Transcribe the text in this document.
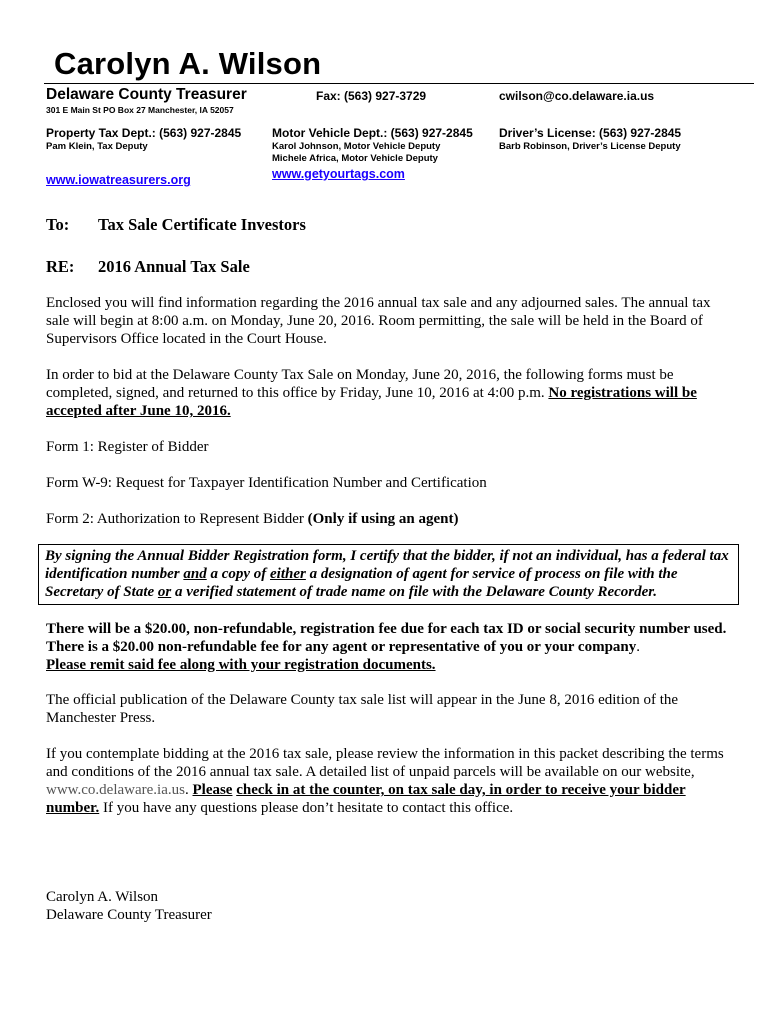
Carolyn A. Wilson
Delaware County Treasurer	Fax: (563) 927-3729	cwilson@co.delaware.ia.us
301 E Main St PO Box 27 Manchester, IA 52057
Property Tax Dept.: (563) 927-2845
Pam Klein, Tax Deputy
www.iowatreasurers.org
Motor Vehicle Dept.: (563) 927-2845
Karol Johnson, Motor Vehicle Deputy
Michele Africa, Motor Vehicle Deputy
www.getyourtags.com
Driver’s License: (563) 927-2845
Barb Robinson, Driver’s License Deputy
To: Tax Sale Certificate Investors
RE: 2016 Annual Tax Sale
Enclosed you will find information regarding the 2016 annual tax sale and any adjourned sales. The annual tax sale will begin at 8:00 a.m. on Monday, June 20, 2016. Room permitting, the sale will be held in the Board of Supervisors Office located in the Court House.
In order to bid at the Delaware County Tax Sale on Monday, June 20, 2016, the following forms must be completed, signed, and returned to this office by Friday, June 10, 2016 at 4:00 p.m. No registrations will be accepted after June 10, 2016.
Form 1: Register of Bidder
Form W-9: Request for Taxpayer Identification Number and Certification
Form 2: Authorization to Represent Bidder (Only if using an agent)
By signing the Annual Bidder Registration form, I certify that the bidder, if not an individual, has a federal tax identification number and a copy of either a designation of agent for service of process on file with the Secretary of State or a verified statement of trade name on file with the Delaware County Recorder.
There will be a $20.00, non-refundable, registration fee due for each tax ID or social security number used. There is a $20.00 non-refundable fee for any agent or representative of you or your company.
Please remit said fee along with your registration documents.
The official publication of the Delaware County tax sale list will appear in the June 8, 2016 edition of the Manchester Press.
If you contemplate bidding at the 2016 tax sale, please review the information in this packet describing the terms and conditions of the 2016 annual tax sale. A detailed list of unpaid parcels will be available on our website, www.co.delaware.ia.us. Please check in at the counter, on tax sale day, in order to receive your bidder number. If you have any questions please don’t hesitate to contact this office.
Carolyn A. Wilson
Delaware County Treasurer
